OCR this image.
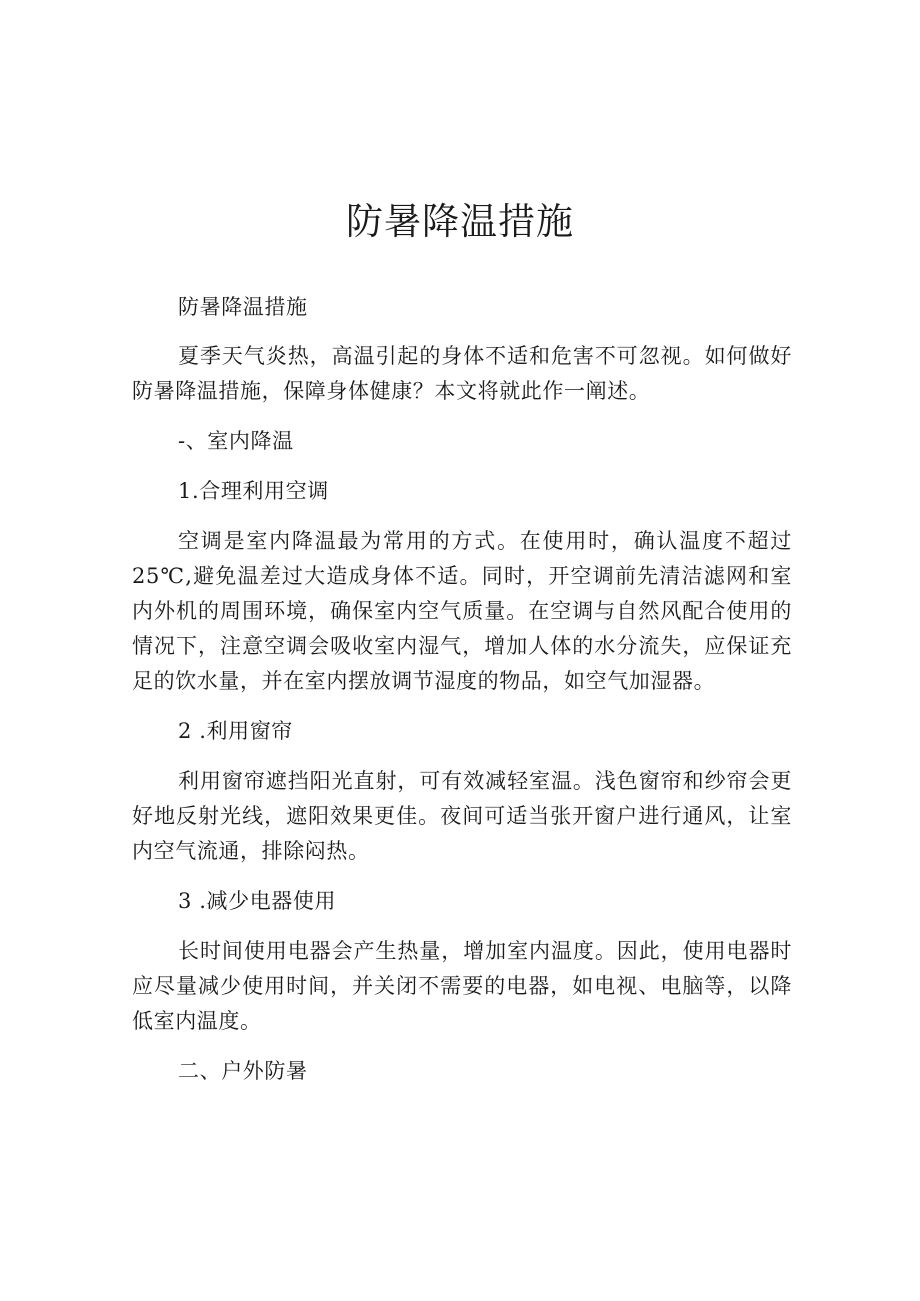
防暑降温措施

防暑降温措施

夏季天气炎热，高温引起的身体不适和危害不可忽视。如何做好防暑降温措施，保障身体健康？本文将就此作一阐述。

-、室内降温

1.合理利用空调

空调是室内降温最为常用的方式。在使用时，确认温度不超过25℃,避免温差过大造成身体不适。同时，开空调前先清洁滤网和室内外机的周围环境，确保室内空气质量。在空调与自然风配合使用的情况下，注意空调会吸收室内湿气，增加人体的水分流失，应保证充足的饮水量，并在室内摆放调节湿度的物品，如空气加湿器。

2 .利用窗帘

利用窗帘遮挡阳光直射，可有效减轻室温。浅色窗帘和纱帘会更好地反射光线，遮阳效果更佳。夜间可适当张开窗户进行通风，让室内空气流通，排除闷热。

3 .减少电器使用

长时间使用电器会产生热量，增加室内温度。因此，使用电器时应尽量减少使用时间，并关闭不需要的电器，如电视、电脑等，以降低室内温度。

二、户外防暑
